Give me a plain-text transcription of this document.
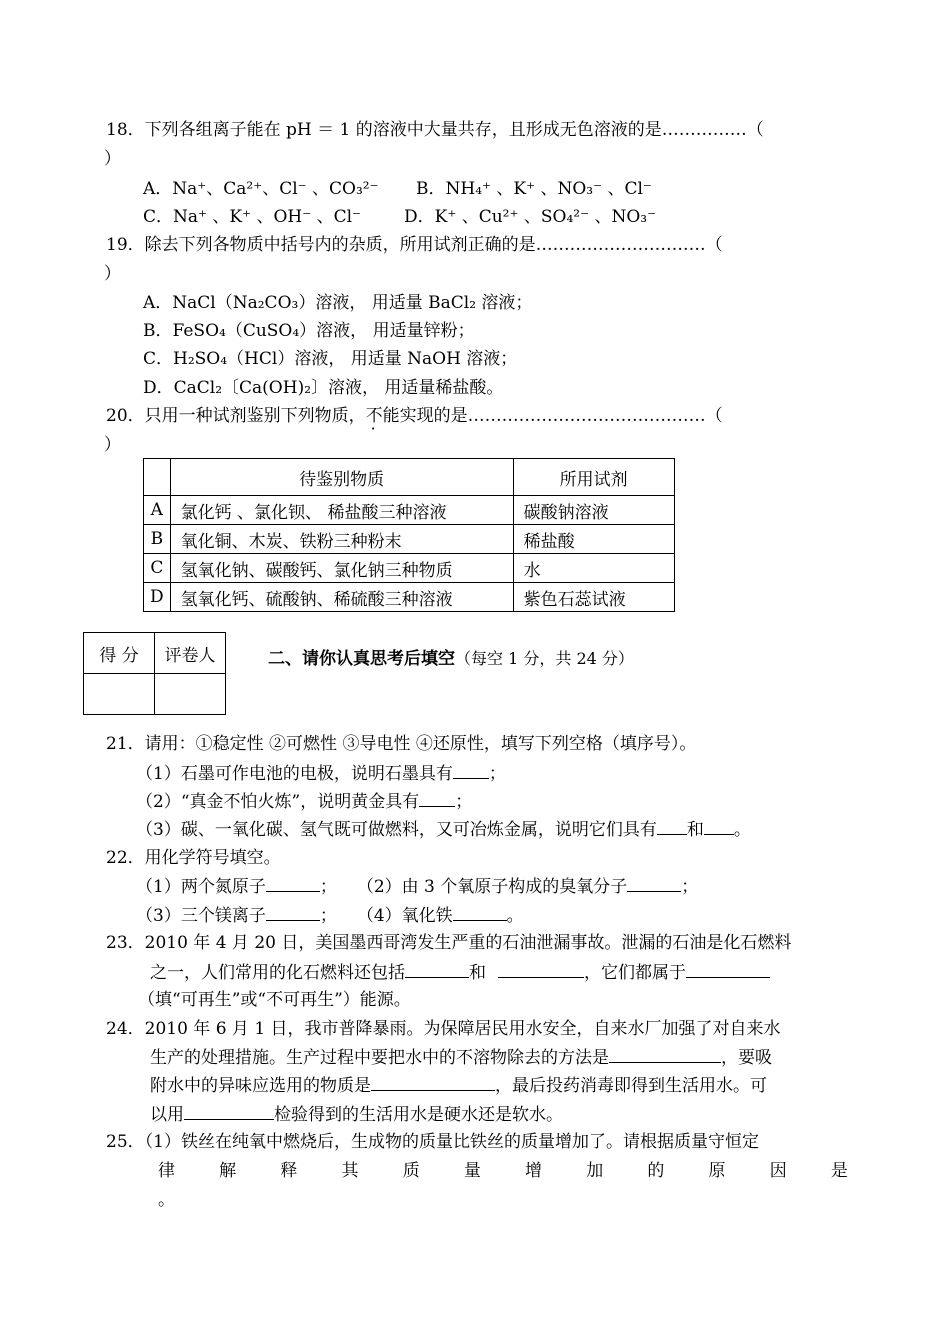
18．下列各组离子能在 pH ＝ 1 的溶液中大量共存，且形成无色溶液的是……………（
）
A．Na⁺、Ca²⁺、Cl⁻ 、CO₃²⁻ B．NH₄⁺ 、K⁺ 、NO₃⁻ 、Cl⁻
C．Na⁺ 、K⁺ 、OH⁻ 、Cl⁻	D．K⁺ 、Cu²⁺ 、SO₄²⁻ 、NO₃⁻
19．除去下列各物质中括号内的杂质，所用试剂正确的是…………………………（
）
A．NaCl（Na₂CO₃）溶液， 用适量 BaCl₂ 溶液；
B．FeSO₄（CuSO₄）溶液， 用适量锌粉；
C．H₂SO₄（HCl）溶液， 用适量 NaOH 溶液；
D．CaCl₂〔Ca(OH)₂〕溶液， 用适量稀盐酸。
20．只用一种试剂鉴别下列物质，不能实现的是……………………………………（
）
	待鉴别物质	所用试剂
A	氯化钙 、氯化钡、 稀盐酸三种溶液	碳酸钠溶液
B	氧化铜、木炭、铁粉三种粉末	稀盐酸
C	氢氧化钠、碳酸钙、氯化钠三种物质	水
D	氢氧化钙、硫酸钠、稀硫酸三种溶液	紫色石蕊试液
得 分	评卷人
		二、请你认真思考后填空（每空 1 分，共 24 分）
21．请用：①稳定性 ②可燃性 ③导电性 ④还原性，填写下列空格（填序号）。
（1）石墨可作电池的电极，说明石墨具有 ；
（2）“真金不怕火炼”，说明黄金具有 ；
（3）碳、一氧化碳、氢气既可做燃料，又可冶炼金属，说明它们具有 和 。
22．用化学符号填空。
（1）两个氮原子	； （2）由 3 个氧原子构成的臭氧分子	；
（3）三个镁离子	； （4）氧化铁	。
23．2010 年 4 月 20 日，美国墨西哥湾发生严重的石油泄漏事故。泄漏的石油是化石燃料
之一，人们常用的化石燃料还包括	和	，它们都属于
（填“可再生”或“不可再生”）能源。
24．2010 年 6 月 1 日，我市普降暴雨。为保障居民用水安全，自来水厂加强了对自来水
生产的处理措施。生产过程中要把水中的不溶物除去的方法是	，要吸
附水中的异味应选用的物质是	，最后投药消毒即得到生活用水。可
以用	检验得到的生活用水是硬水还是软水。
25．（1）铁丝在纯氧中燃烧后，生成物的质量比铁丝的质量增加了。请根据质量守恒定
律	解	释	其	质	量	增	加	的	原	因	是
。
